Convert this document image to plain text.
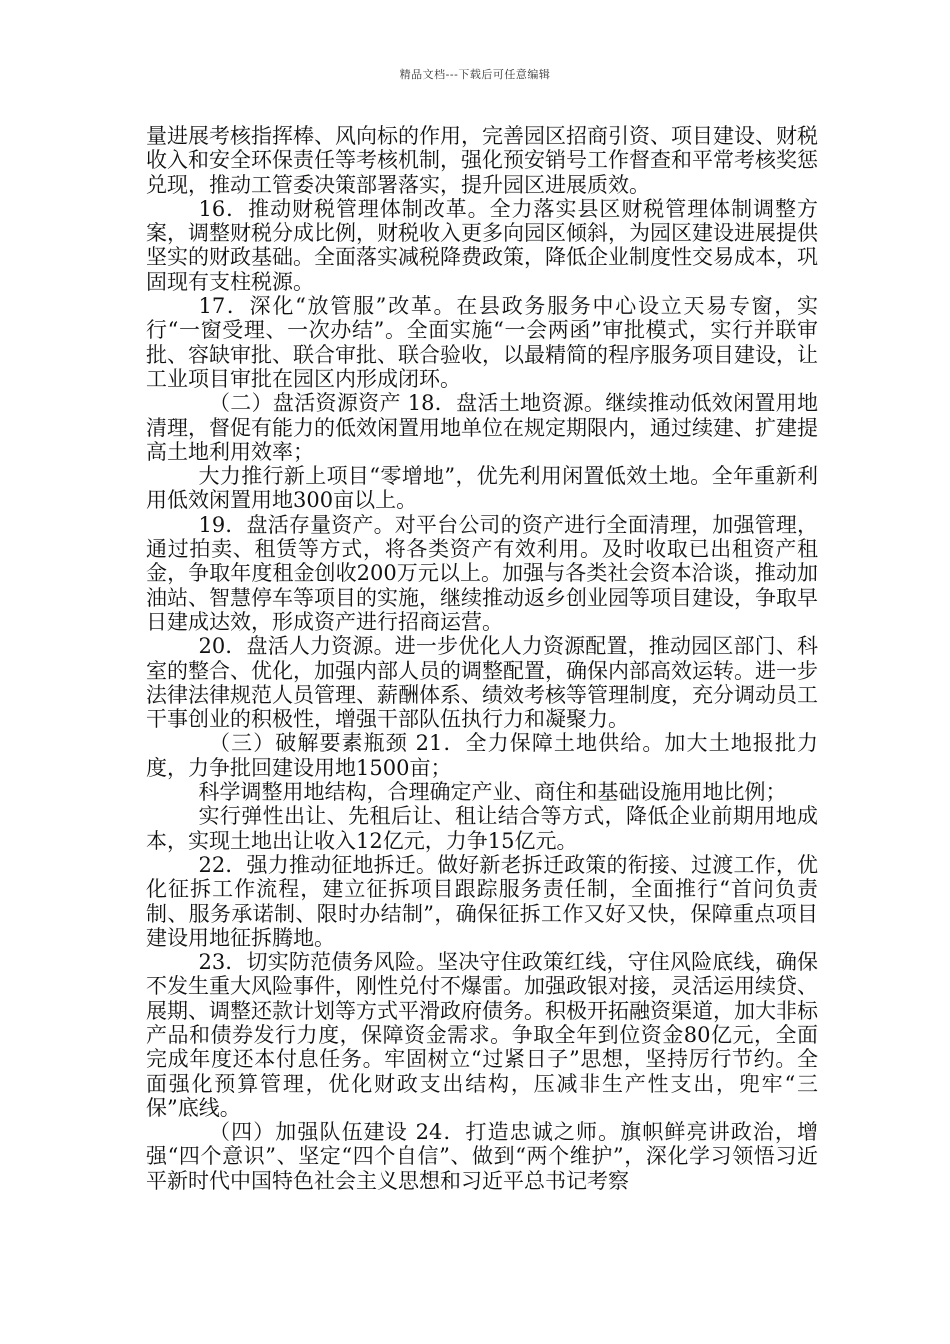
精品文档---下载后可任意编辑

量进展考核指挥棒、风向标的作用，完善园区招商引资、项目建设、财税收入和安全环保责任等考核机制，强化预安销号工作督查和平常考核奖惩兑现，推动工管委决策部署落实，提升园区进展质效。

16．推动财税管理体制改革。全力落实县区财税管理体制调整方案，调整财税分成比例，财税收入更多向园区倾斜，为园区建设进展提供坚实的财政基础。全面落实减税降费政策，降低企业制度性交易成本，巩固现有支柱税源。

17．深化“放管服”改革。在县政务服务中心设立天易专窗，实行“一窗受理、一次办结”。全面实施“一会两函”审批模式，实行并联审批、容缺审批、联合审批、联合验收，以最精简的程序服务项目建设，让工业项目审批在园区内形成闭环。

（二）盘活资源资产 18．盘活土地资源。继续推动低效闲置用地清理，督促有能力的低效闲置用地单位在规定期限内，通过续建、扩建提高土地利用效率；

大力推行新上项目“零增地”，优先利用闲置低效土地。全年重新利用低效闲置用地300亩以上。

19．盘活存量资产。对平台公司的资产进行全面清理，加强管理，通过拍卖、租赁等方式，将各类资产有效利用。及时收取已出租资产租金，争取年度租金创收200万元以上。加强与各类社会资本洽谈，推动加油站、智慧停车等项目的实施，继续推动返乡创业园等项目建设，争取早日建成达效，形成资产进行招商运营。

20．盘活人力资源。进一步优化人力资源配置，推动园区部门、科室的整合、优化，加强内部人员的调整配置，确保内部高效运转。进一步法律法律规范人员管理、薪酬体系、绩效考核等管理制度，充分调动员工干事创业的积极性，增强干部队伍执行力和凝聚力。

（三）破解要素瓶颈 21．全力保障土地供给。加大土地报批力度，力争批回建设用地1500亩；

科学调整用地结构，合理确定产业、商住和基础设施用地比例；

实行弹性出让、先租后让、租让结合等方式，降低企业前期用地成本，实现土地出让收入12亿元，力争15亿元。

22．强力推动征地拆迁。做好新老拆迁政策的衔接、过渡工作，优化征拆工作流程，建立征拆项目跟踪服务责任制，全面推行“首问负责制、服务承诺制、限时办结制”，确保征拆工作又好又快，保障重点项目建设用地征拆腾地。

23．切实防范债务风险。坚决守住政策红线，守住风险底线，确保不发生重大风险事件，刚性兑付不爆雷。加强政银对接，灵活运用续贷、展期、调整还款计划等方式平滑政府债务。积极开拓融资渠道，加大非标产品和债券发行力度，保障资金需求。争取全年到位资金80亿元，全面完成年度还本付息任务。牢固树立“过紧日子”思想，坚持厉行节约。全面强化预算管理，优化财政支出结构，压减非生产性支出，兜牢“三保”底线。

（四）加强队伍建设 24．打造忠诚之师。旗帜鲜亮讲政治，增强“四个意识”、坚定“四个自信”、做到“两个维护”，深化学习领悟习近平新时代中国特色社会主义思想和习近平总书记考察
